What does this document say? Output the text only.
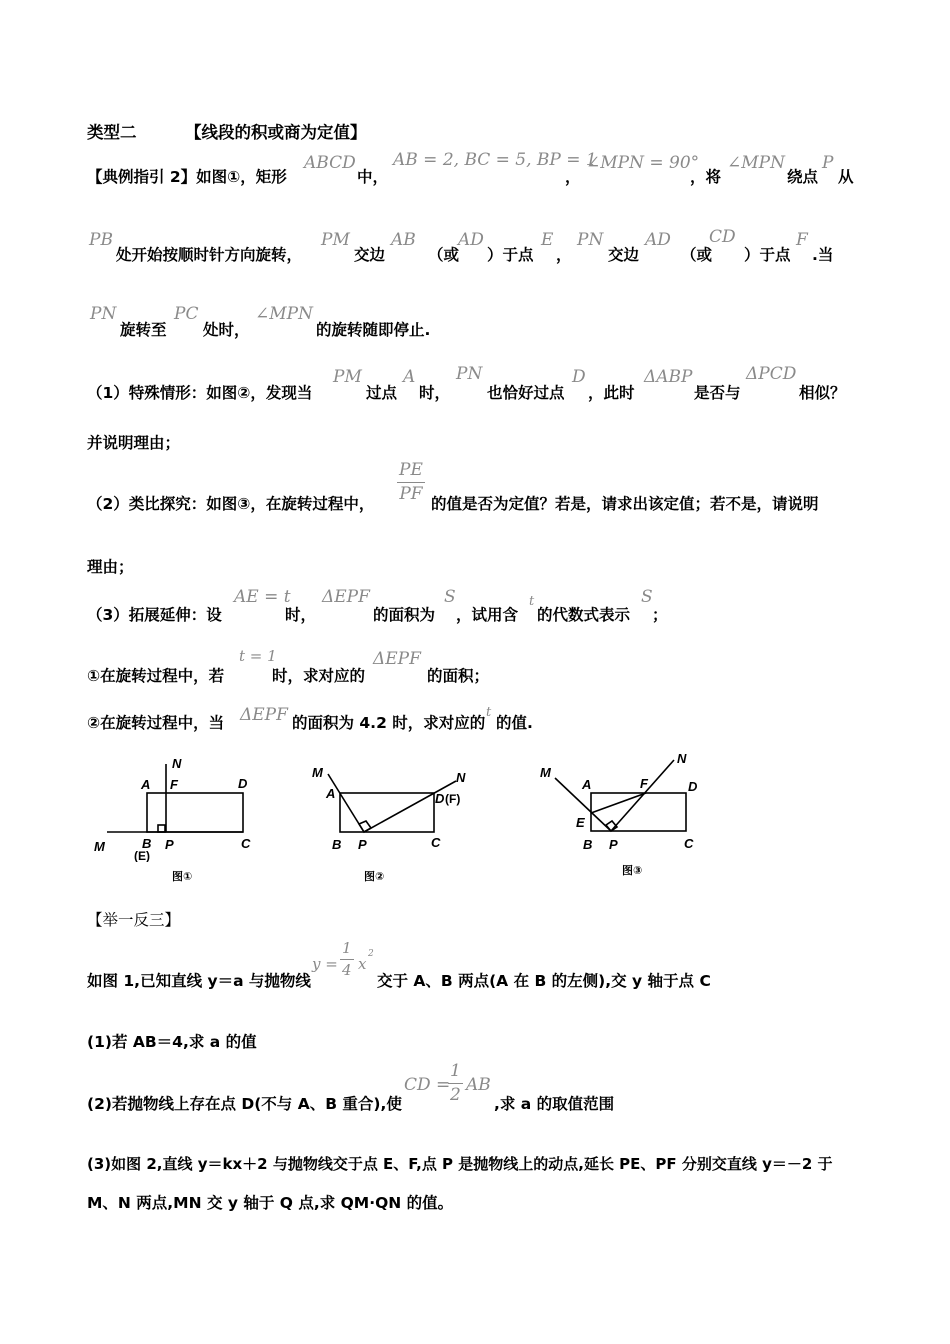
类型二	【线段的积或商为定值】
【典例指引 2】如图①，矩形
ABCD
中，
AB = 2, BC = 5, BP = 1
，
∠MPN = 90°
，将
∠MPN
绕点
P
从
PB
处开始按顺时针方向旋转，
PM
交边
AB
（或
AD
）于点
E
，
PN
交边
AD
（或
CD
）于点
F
.当
PN
旋转至
PC
处时，
∠MPN
的旋转随即停止.
（1）特殊情形：如图②，发现当
PM
过点
A
时，
PN
也恰好过点
D
，此时
ΔABP
是否与
ΔPCD
相似？
并说明理由；
（2）类比探究：如图③，在旋转过程中，
PE
PF 的值是否为定值？若是，请求出该定值；若不是，请说明
理由；
（3）拓展延伸：设
AE = t
时，
ΔEPF
的面积为
S
，试用含
t
的代数式表示
S
；
①在旋转过程中，若
t = 1
时，求对应的
ΔEPF
的面积；
②在旋转过程中，当 ΔEPF 的面积为 4.2 时，求对应的
t
的值.
N
A F	D
M	B P	C
(E)
图①
M
A
N
D (F)
B P	C
图②
N
M
A	F	D
E
B P	C
图③
【举一反三】
如图 1,已知直线 y＝a 与抛物线
y =
1
4 x
2
交于 A、B 两点(A 在 B 的左侧),交 y 轴于点 C
(1)若 AB＝4,求 a 的值
(2)若抛物线上存在点 D(不与 A、B 重合),使
CD =
1
2 AB
,求 a 的取值范围
(3)如图 2,直线 y＝kx＋2 与抛物线交于点 E、F,点 P 是抛物线上的动点,延长 PE、PF 分别交直线 y＝－2 于
M、N 两点,MN 交 y 轴于 Q 点,求 QM·QN 的值。
